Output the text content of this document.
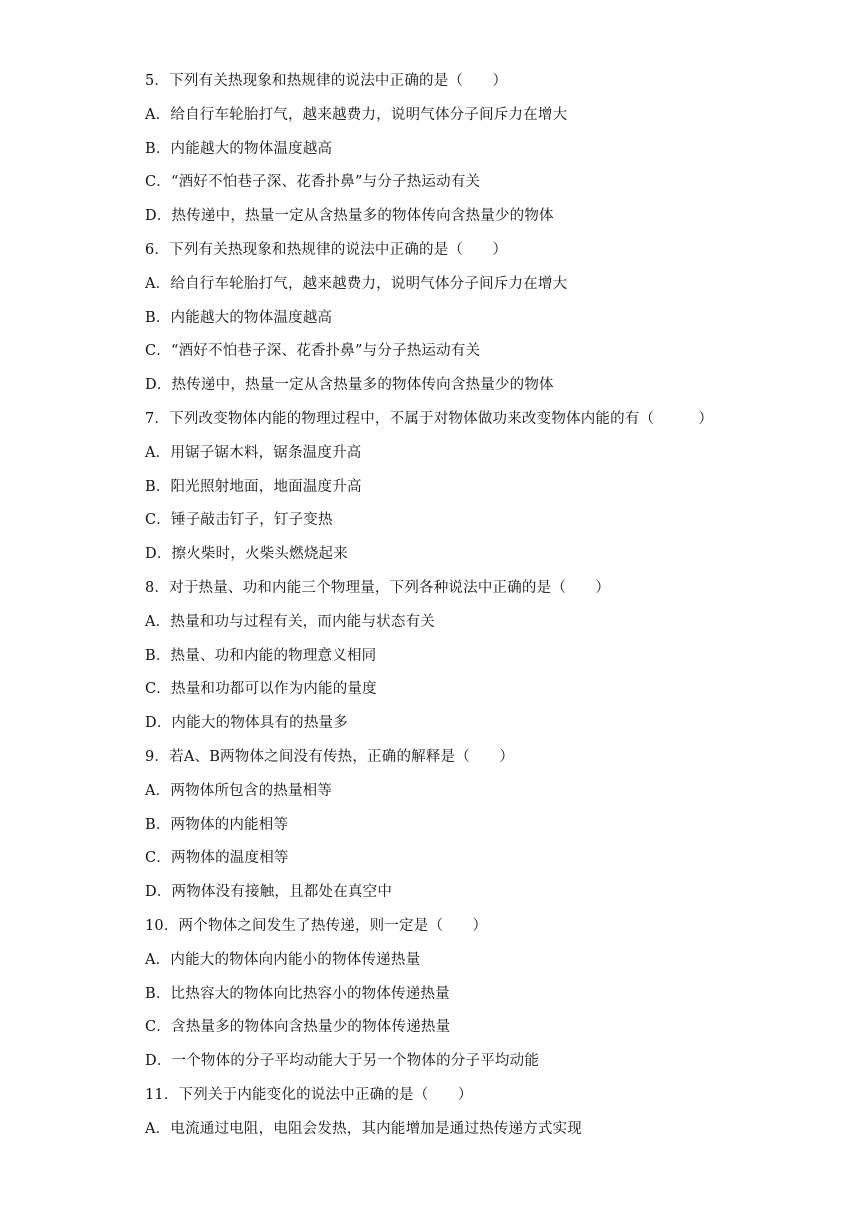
5．下列有关热现象和热规律的说法中正确的是（　　）
A．给自行车轮胎打气，越来越费力，说明气体分子间斥力在增大
B．内能越大的物体温度越高
C．“酒好不怕巷子深、花香扑鼻”与分子热运动有关
D．热传递中，热量一定从含热量多的物体传向含热量少的物体
6．下列有关热现象和热规律的说法中正确的是（　　）
A．给自行车轮胎打气，越来越费力，说明气体分子间斥力在增大
B．内能越大的物体温度越高
C．“酒好不怕巷子深、花香扑鼻”与分子热运动有关
D．热传递中，热量一定从含热量多的物体传向含热量少的物体
7．下列改变物体内能的物理过程中，不属于对物体做功来改变物体内能的有（　　　）
A．用锯子锯木料，锯条温度升高
B．阳光照射地面，地面温度升高
C．锤子敲击钉子，钉子变热
D．擦火柴时，火柴头燃烧起来
8．对于热量、功和内能三个物理量，下列各种说法中正确的是（　　）
A．热量和功与过程有关，而内能与状态有关
B．热量、功和内能的物理意义相同
C．热量和功都可以作为内能的量度
D．内能大的物体具有的热量多
9．若A、B两物体之间没有传热，正确的解释是（　　）
A．两物体所包含的热量相等
B．两物体的内能相等
C．两物体的温度相等
D．两物体没有接触，且都处在真空中
10．两个物体之间发生了热传递，则一定是（　　）
A．内能大的物体向内能小的物体传递热量
B．比热容大的物体向比热容小的物体传递热量
C．含热量多的物体向含热量少的物体传递热量
D．一个物体的分子平均动能大于另一个物体的分子平均动能
11．下列关于内能变化的说法中正确的是（　　）
A．电流通过电阻，电阻会发热，其内能增加是通过热传递方式实现
